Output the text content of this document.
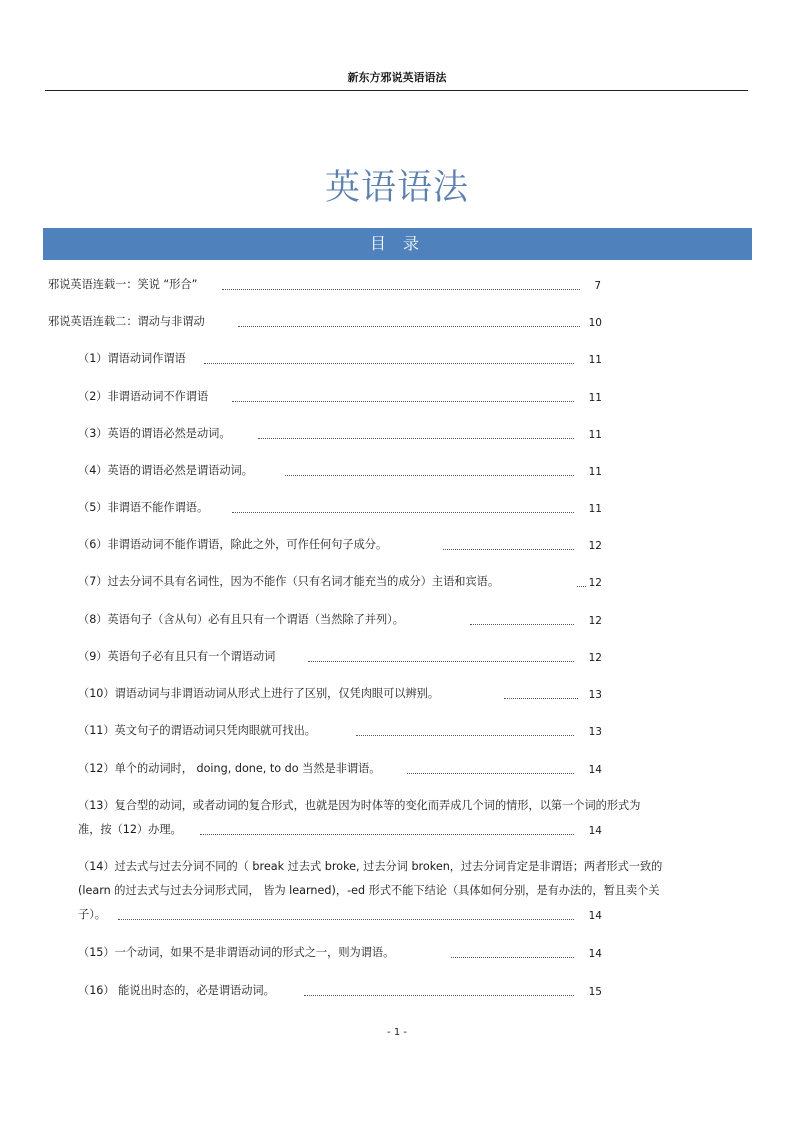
新东方邪说英语语法
英语语法
目 录
邪说英语连载一：笑说 “形合”	7
邪说英语连载二：谓动与非谓动	10
（1）谓语动词作谓语	11
（2）非谓语动词不作谓语	11
（3）英语的谓语必然是动词。	11
（4）英语的谓语必然是谓语动词。	11
（5）非谓语不能作谓语。	11
（6）非谓语动词不能作谓语，除此之外，可作任何句子成分。	12
（7）过去分词不具有名词性，因为不能作（只有名词才能充当的成分）主语和宾语。	12
（8）英语句子（含从句）必有且只有一个谓语（当然除了并列）。	12
（9）英语句子必有且只有一个谓语动词	12
（10）谓语动词与非谓语动词从形式上进行了区别，仅凭肉眼可以辨别。	13
（11）英文句子的谓语动词只凭肉眼就可找出。	13
（12）单个的动词时， doing, done, to do 当然是非谓语。	14
（13）复合型的动词，或者动词的复合形式，也就是因为时体等的变化而弄成几个词的情形，以第一个词的形式为
准，按（12）办理。	14
（14）过去式与过去分词不同的（ break 过去式 broke, 过去分词 broken，过去分词肯定是非谓语；两者形式一致的
(learn 的过去式与过去分词形式同， 皆为 learned)，-ed 形式不能下结论（具体如何分别，是有办法的，暂且卖个关
子）。	14
（15）一个动词，如果不是非谓语动词的形式之一，则为谓语。	14
（16） 能说出时态的，必是谓语动词。	15
- 1 -
